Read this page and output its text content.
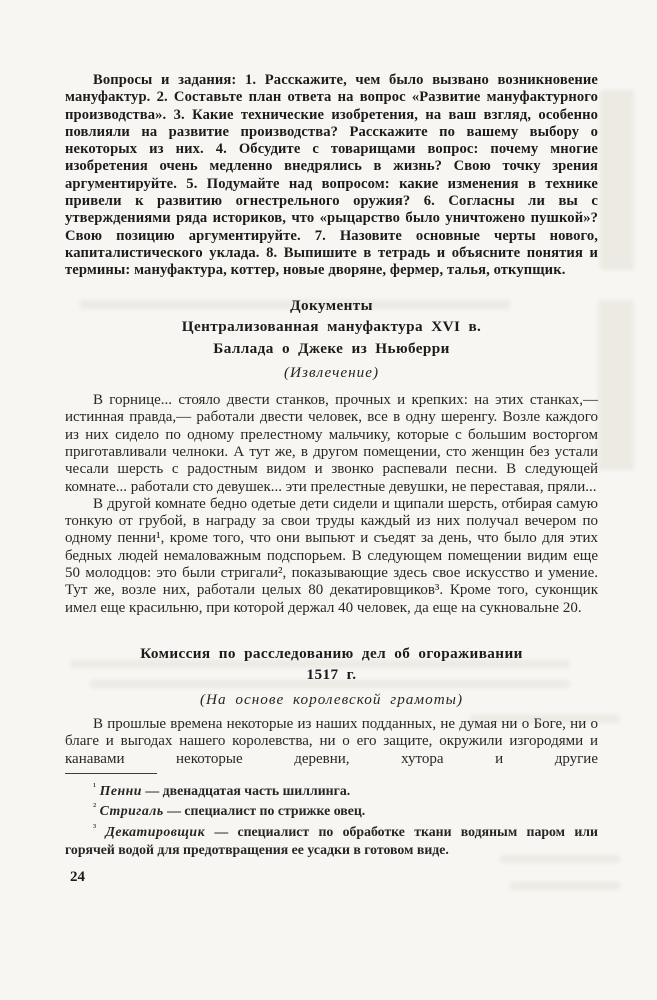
Вопросы и задания: 1. Расскажите, чем было вызвано возникновение мануфактур. 2. Составьте план ответа на вопрос «Развитие мануфактурного производства». 3. Какие технические изобретения, на ваш взгляд, особенно повлияли на развитие производства? Расскажите по вашему выбору о некоторых из них. 4. Обсудите с товарищами вопрос: почему многие изобретения очень медленно внедрялись в жизнь? Свою точку зрения аргументируйте. 5. Подумайте над вопросом: какие изменения в технике привели к развитию огнестрельного оружия? 6. Согласны ли вы с утверждениями ряда историков, что «рыцарство было уничтожено пушкой»? Свою позицию аргументируйте. 7. Назовите основные черты нового, капиталистического уклада. 8. Выпишите в тетрадь и объясните понятия и термины: мануфактура, коттер, новые дворяне, фермер, талья, откупщик.

Документы
Централизованная мануфактура XVI в.
Баллада о Джеке из Ньюберри
(Извлечение)

В горнице... стояло двести станков, прочных и крепких: на этих станках,— истинная правда,— работали двести человек, все в одну шеренгу. Возле каждого из них сидело по одному прелестному мальчику, которые с большим восторгом приготавливали челноки. А тут же, в другом помещении, сто женщин без устали чесали шерсть с радостным видом и звонко распевали песни. В следующей комнате... работали сто девушек... эти прелестные девушки, не переставая, пряли...

В другой комнате бедно одетые дети сидели и щипали шерсть, отбирая самую тонкую от грубой, в награду за свои труды каждый из них получал вечером по одному пенни¹, кроме того, что они выпьют и съедят за день, что было для этих бедных людей немаловажным подспорьем. В следующем помещении видим еще 50 молодцов: это были стригали², показывающие здесь свое искусство и умение. Тут же, возле них, работали целых 80 декатировщиков³. Кроме того, суконщик имел еще красильню, при которой держал 40 человек, да еще на сукновальне 20.

Комиссия по расследованию дел об огораживании
1517 г.
(На основе королевской грамоты)

В прошлые времена некоторые из наших подданных, не думая ни о Боге, ни о благе и выгодах нашего королевства, ни о его защите, окружили изгородями и канавами некоторые деревни, хутора и другие

$^{^1}$ Пенни — двенадцатая часть шиллинга.

$^{^2}$ Стригаль — специалист по стрижке овец.

$^{^3}$ Декатировщик — специалист по обработке ткани водяным паром или горячей водой для предотвращения ее усадки в готовом виде.

24
